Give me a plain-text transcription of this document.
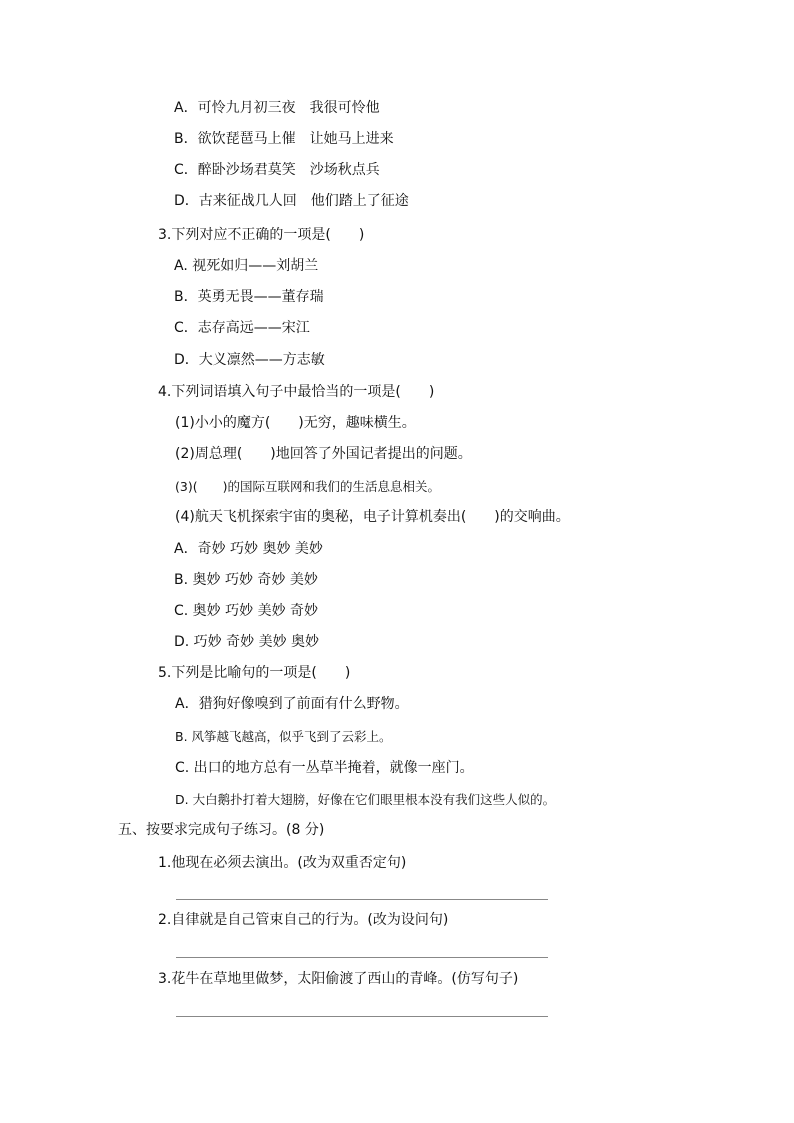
A．可怜九月初三夜　我很可怜他
B．欲饮琵琶马上催　让她马上进来
C．醉卧沙场君莫笑　沙场秋点兵
D．古来征战几人回　他们踏上了征途
3.下列对应不正确的一项是(　　)
A. 视死如归——刘胡兰
B．英勇无畏——董存瑞
C．志存高远——宋江
D．大义凛然——方志敏
4.下列词语填入句子中最恰当的一项是(　　)
(1)小小的魔方(　　)无穷，趣味横生。
(2)周总理(　　)地回答了外国记者提出的问题。
(3)(　　)的国际互联网和我们的生活息息相关。
(4)航天飞机探索宇宙的奥秘，电子计算机奏出(　　)的交响曲。
A．奇妙 巧妙 奥妙 美妙
B. 奥妙 巧妙 奇妙 美妙
C. 奥妙 巧妙 美妙 奇妙
D. 巧妙 奇妙 美妙 奥妙
5.下列是比喻句的一项是(　　)
A．猎狗好像嗅到了前面有什么野物。
B. 风筝越飞越高，似乎飞到了云彩上。
C. 出口的地方总有一丛草半掩着，就像一座门。
D. 大白鹅扑打着大翅膀，好像在它们眼里根本没有我们这些人似的。
五、按要求完成句子练习。(8 分)
1.他现在必须去演出。(改为双重否定句)
2.自律就是自己管束自己的行为。(改为设问句)
3.花牛在草地里做梦，太阳偷渡了西山的青峰。(仿写句子)
